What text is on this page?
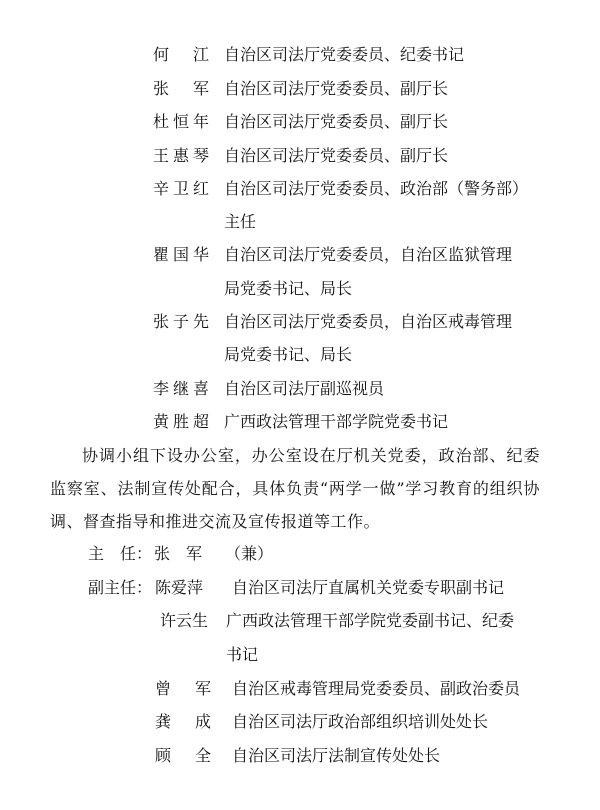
何　江 自治区司法厅党委委员、纪委书记
张　军 自治区司法厅党委委员、副厅长
杜恒年 自治区司法厅党委委员、副厅长
王惠琴 自治区司法厅党委委员、副厅长
辛卫红 自治区司法厅党委委员、政治部（警务部）
主任
瞿国华 自治区司法厅党委委员，自治区监狱管理
局党委书记、局长
张子先 自治区司法厅党委委员，自治区戒毒管理
局党委书记、局长
李继喜 自治区司法厅副巡视员
黄胜超 广西政法管理干部学院党委书记
协调小组下设办公室，办公室设在厅机关党委，政治部、纪委监察室、法制宣传处配合，具体负责“两学一做”学习教育的组织协调、督查指导和推进交流及宣传报道等工作。
主　任： 张　军 （兼）
副主任： 陈爱萍 自治区司法厅直属机关党委专职副书记
许云生 广西政法管理干部学院党委副书记、纪委
书记
曾　军 自治区戒毒管理局党委委员、副政治委员
龚　成 自治区司法厅政治部组织培训处处长
顾　全 自治区司法厅法制宣传处处长
